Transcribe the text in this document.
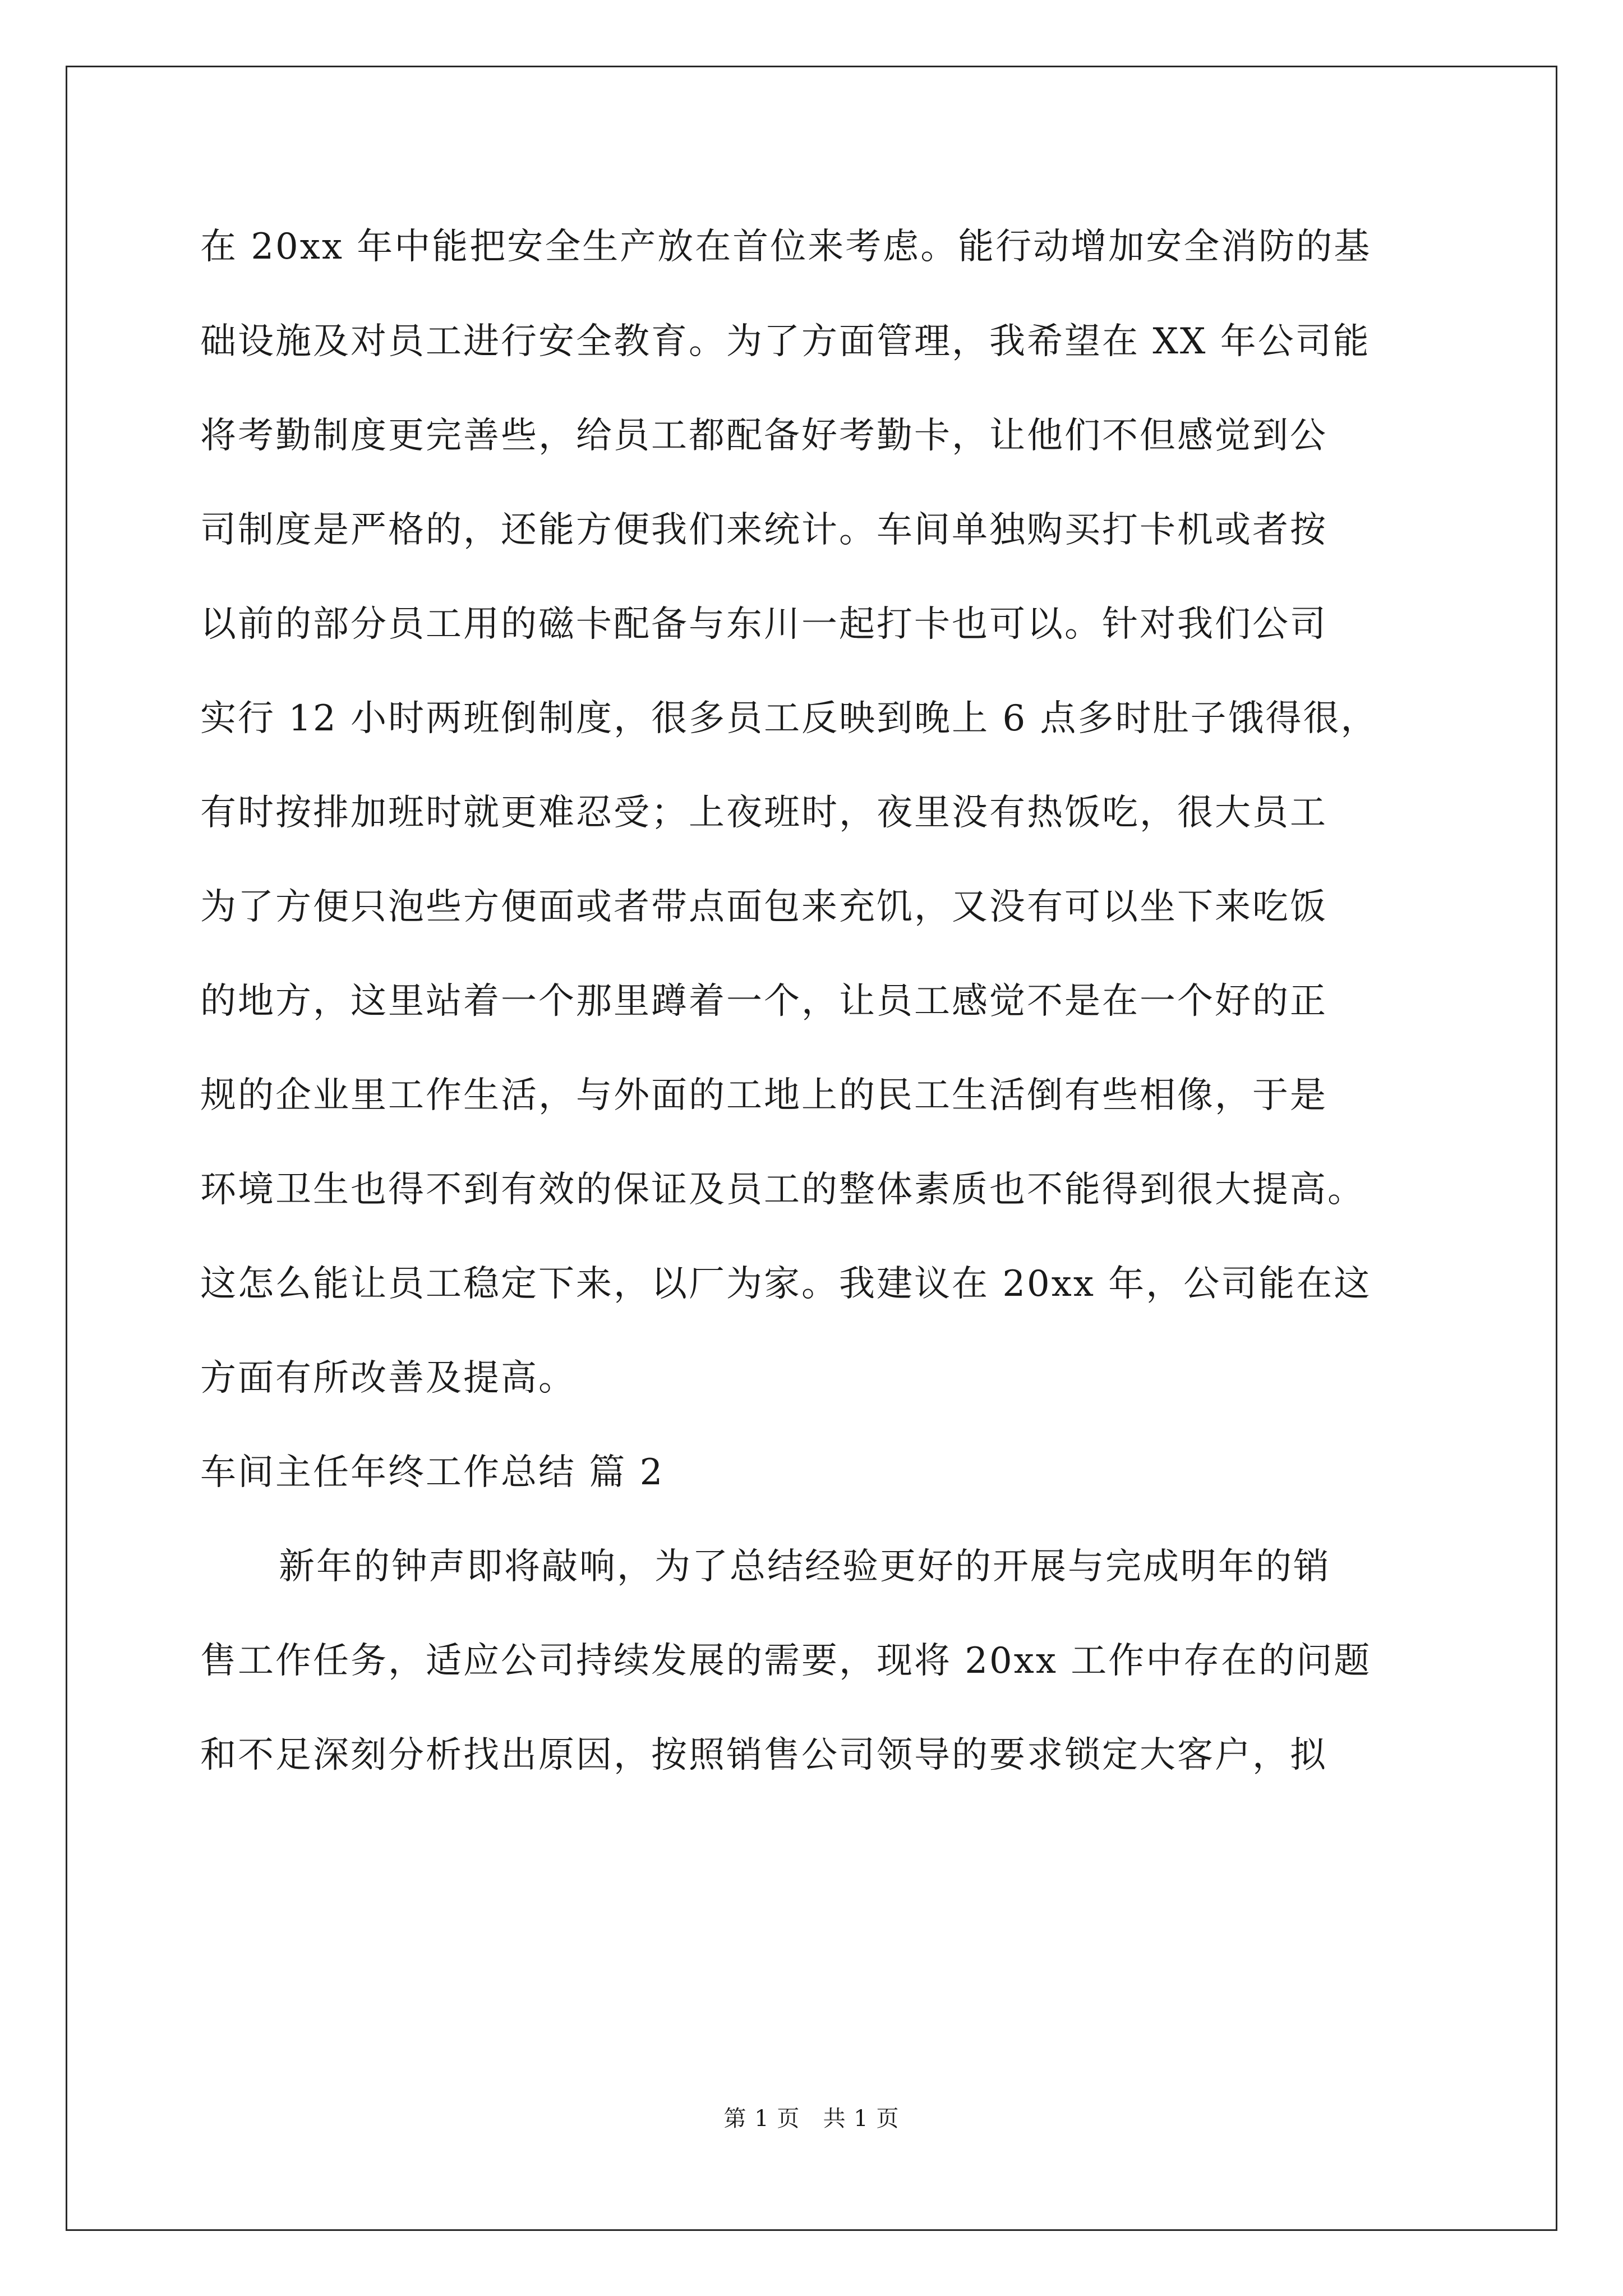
在 20xx 年中能把安全生产放在首位来考虑。能行动增加安全消防的基
础设施及对员工进行安全教育。为了方面管理，我希望在 XX 年公司能
将考勤制度更完善些，给员工都配备好考勤卡，让他们不但感觉到公
司制度是严格的，还能方便我们来统计。车间单独购买打卡机或者按
以前的部分员工用的磁卡配备与东川一起打卡也可以。针对我们公司
实行 12 小时两班倒制度，很多员工反映到晚上 6 点多时肚子饿得很，
有时按排加班时就更难忍受；上夜班时，夜里没有热饭吃，很大员工
为了方便只泡些方便面或者带点面包来充饥，又没有可以坐下来吃饭
的地方，这里站着一个那里蹲着一个，让员工感觉不是在一个好的正
规的企业里工作生活，与外面的工地上的民工生活倒有些相像，于是
环境卫生也得不到有效的保证及员工的整体素质也不能得到很大提高。
这怎么能让员工稳定下来，以厂为家。我建议在 20xx 年，公司能在这
方面有所改善及提高。
车间主任年终工作总结 篇 2
新年的钟声即将敲响，为了总结经验更好的开展与完成明年的销
售工作任务，适应公司持续发展的需要，现将 20xx 工作中存在的问题
和不足深刻分析找出原因，按照销售公司领导的要求锁定大客户，拟
第 1 页   共 1 页
